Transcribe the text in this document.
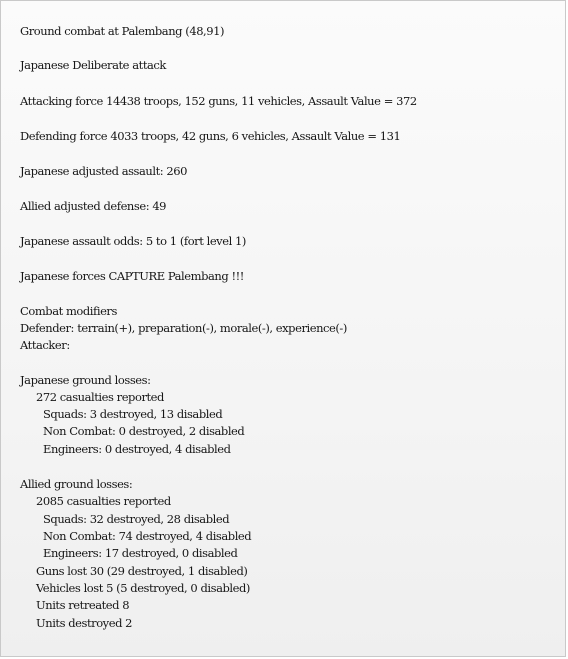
Ground combat at Palembang (48,91)
Japanese Deliberate attack
Attacking force 14438 troops, 152 guns, 11 vehicles, Assault Value = 372
Defending force 4033 troops, 42 guns, 6 vehicles, Assault Value = 131
Japanese adjusted assault: 260
Allied adjusted defense: 49
Japanese assault odds: 5 to 1 (fort level 1)
Japanese forces CAPTURE Palembang !!!
Combat modifiers
Defender: terrain(+), preparation(-), morale(-), experience(-)
Attacker:
Japanese ground losses:
272 casualties reported
Squads: 3 destroyed, 13 disabled
Non Combat: 0 destroyed, 2 disabled
Engineers: 0 destroyed, 4 disabled
Allied ground losses:
2085 casualties reported
Squads: 32 destroyed, 28 disabled
Non Combat: 74 destroyed, 4 disabled
Engineers: 17 destroyed, 0 disabled
Guns lost 30 (29 destroyed, 1 disabled)
Vehicles lost 5 (5 destroyed, 0 disabled)
Units retreated 8
Units destroyed 2
